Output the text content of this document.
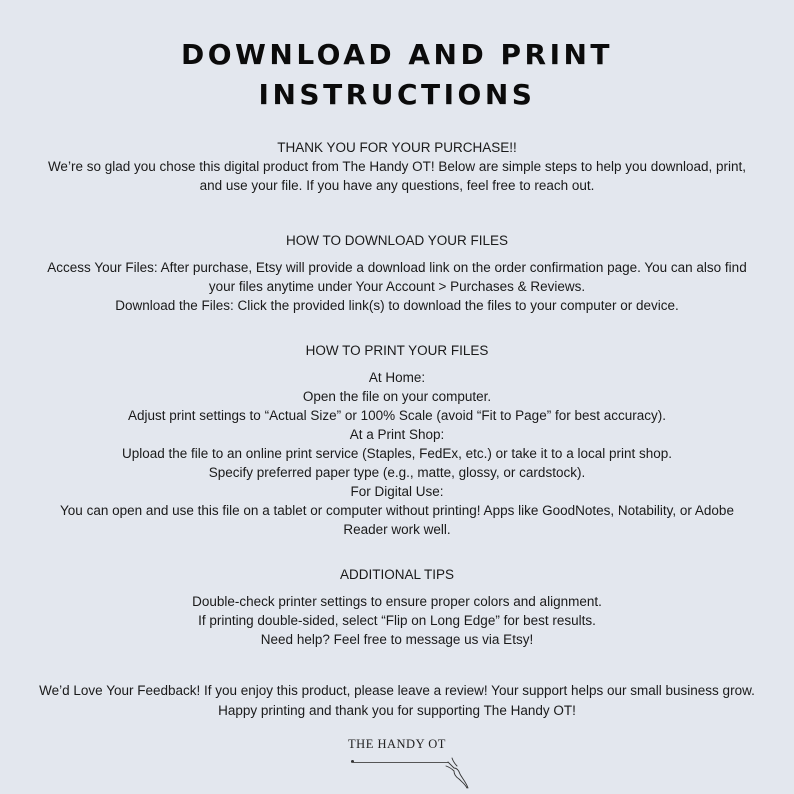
DOWNLOAD AND PRINT
INSTRUCTIONS

THANK YOU FOR YOUR PURCHASE!!

We’re so glad you chose this digital product from The Handy OT! Below are simple steps to help you download, print,

and use your file. If you have any questions, feel free to reach out.

HOW TO DOWNLOAD YOUR FILES

Access Your Files: After purchase, Etsy will provide a download link on the order confirmation page. You can also find

your files anytime under Your Account > Purchases & Reviews.

Download the Files: Click the provided link(s) to download the files to your computer or device.

HOW TO PRINT YOUR FILES

At Home:

Open the file on your computer.

Adjust print settings to “Actual Size” or 100% Scale (avoid “Fit to Page” for best accuracy).

At a Print Shop:

Upload the file to an online print service (Staples, FedEx, etc.) or take it to a local print shop.

Specify preferred paper type (e.g., matte, glossy, or cardstock).

For Digital Use:

You can open and use this file on a tablet or computer without printing! Apps like GoodNotes, Notability, or Adobe

Reader work well.

ADDITIONAL TIPS

Double-check printer settings to ensure proper colors and alignment.

If printing double-sided, select “Flip on Long Edge” for best results.

Need help? Feel free to message us via Etsy!

We’d Love Your Feedback! If you enjoy this product, please leave a review! Your support helps our small business grow.

Happy printing and thank you for supporting The Handy OT!

THE HANDY OT
